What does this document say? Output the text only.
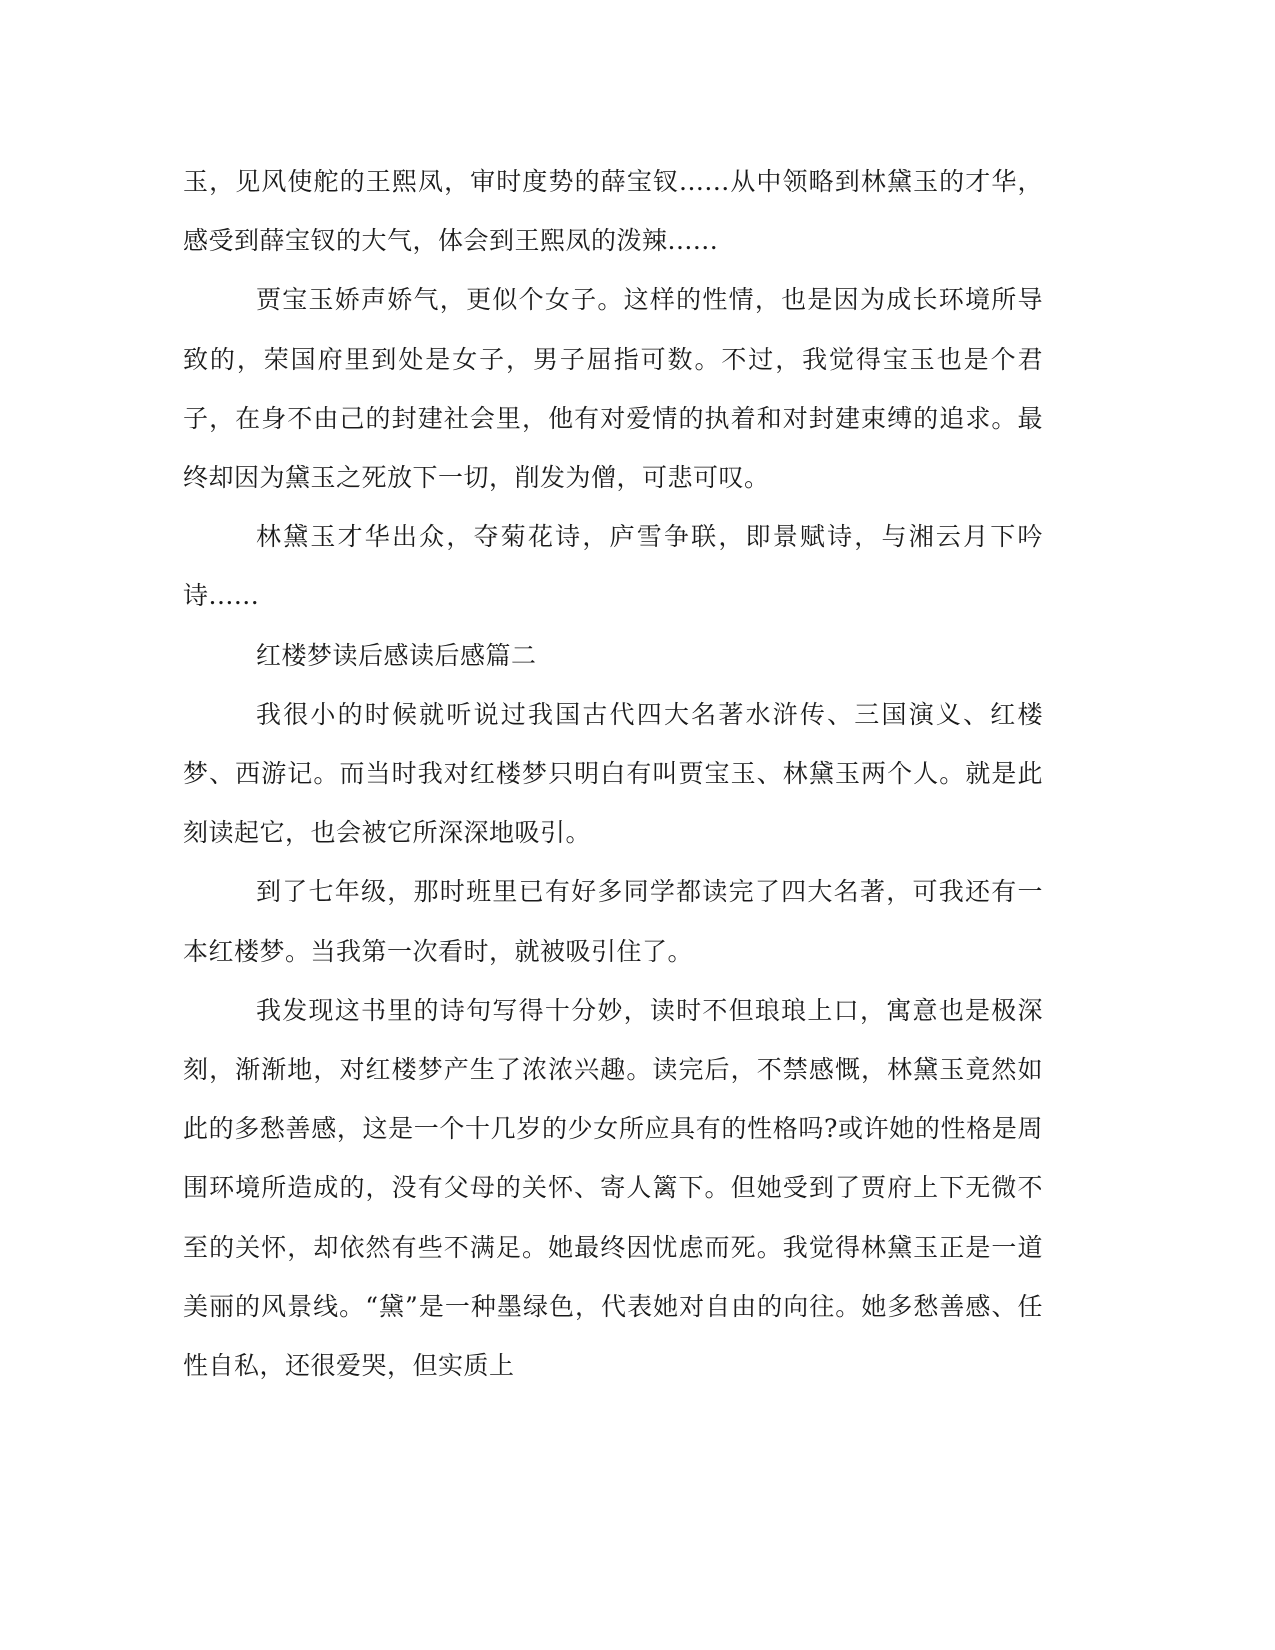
玉，见风使舵的王熙凤，审时度势的薛宝钗......从中领略到林黛玉的才华，感受到薛宝钗的大气，体会到王熙凤的泼辣......

贾宝玉娇声娇气，更似个女子。这样的性情，也是因为成长环境所导致的，荣国府里到处是女子，男子屈指可数。不过，我觉得宝玉也是个君子，在身不由己的封建社会里，他有对爱情的执着和对封建束缚的追求。最终却因为黛玉之死放下一切，削发为僧，可悲可叹。

林黛玉才华出众，夺菊花诗，庐雪争联，即景赋诗，与湘云月下吟诗......

红楼梦读后感读后感篇二

我很小的时候就听说过我国古代四大名著水浒传、三国演义、红楼梦、西游记。而当时我对红楼梦只明白有叫贾宝玉、林黛玉两个人。就是此刻读起它，也会被它所深深地吸引。

到了七年级，那时班里已有好多同学都读完了四大名著，可我还有一本红楼梦。当我第一次看时，就被吸引住了。

我发现这书里的诗句写得十分妙，读时不但琅琅上口，寓意也是极深刻，渐渐地，对红楼梦产生了浓浓兴趣。读完后，不禁感慨，林黛玉竟然如此的多愁善感，这是一个十几岁的少女所应具有的性格吗?或许她的性格是周围环境所造成的，没有父母的关怀、寄人篱下。但她受到了贾府上下无微不至的关怀，却依然有些不满足。她最终因忧虑而死。我觉得林黛玉正是一道美丽的风景线。“黛”是一种墨绿色，代表她对自由的向往。她多愁善感、任性自私，还很爱哭，但实质上
